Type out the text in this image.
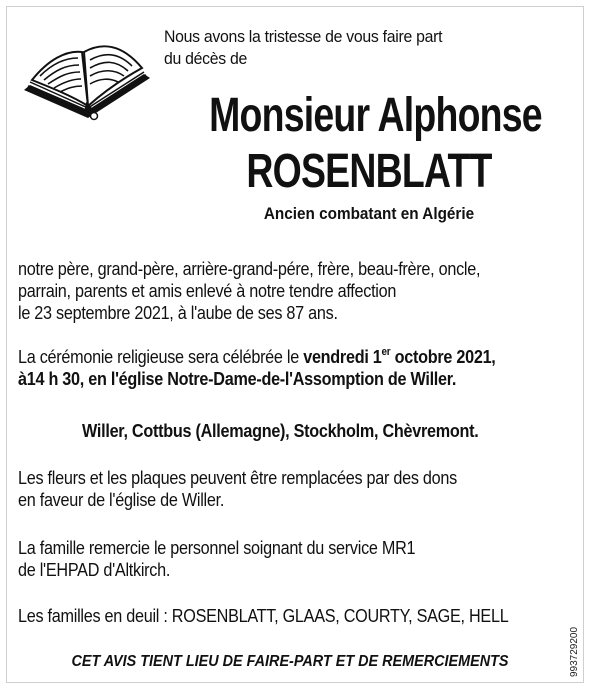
Nous avons la tristesse de vous faire part
du décès de
Monsieur Alphonse
ROSENBLATT
Ancien combatant en Algérie
notre père, grand-père, arrière-grand-pére, frère, beau-frère, oncle,
parrain, parents et amis enlevé à notre tendre affection
le 23 septembre 2021, à l'aube de ses 87 ans.
La cérémonie religieuse sera célébrée le vendredi 1er octobre 2021,
à14 h 30, en l'église Notre-Dame-de-l'Assomption de Willer.
Willer, Cottbus (Allemagne), Stockholm, Chèvremont.
Les fleurs et les plaques peuvent être remplacées par des dons
en faveur de l'église de Willer.
La famille remercie le personnel soignant du service MR1
de l'EHPAD d'Altkirch.
Les familles en deuil : ROSENBLATT, GLAAS, COURTY, SAGE, HELL
CET AVIS TIENT LIEU DE FAIRE-PART ET DE REMERCIEMENTS	993729200
